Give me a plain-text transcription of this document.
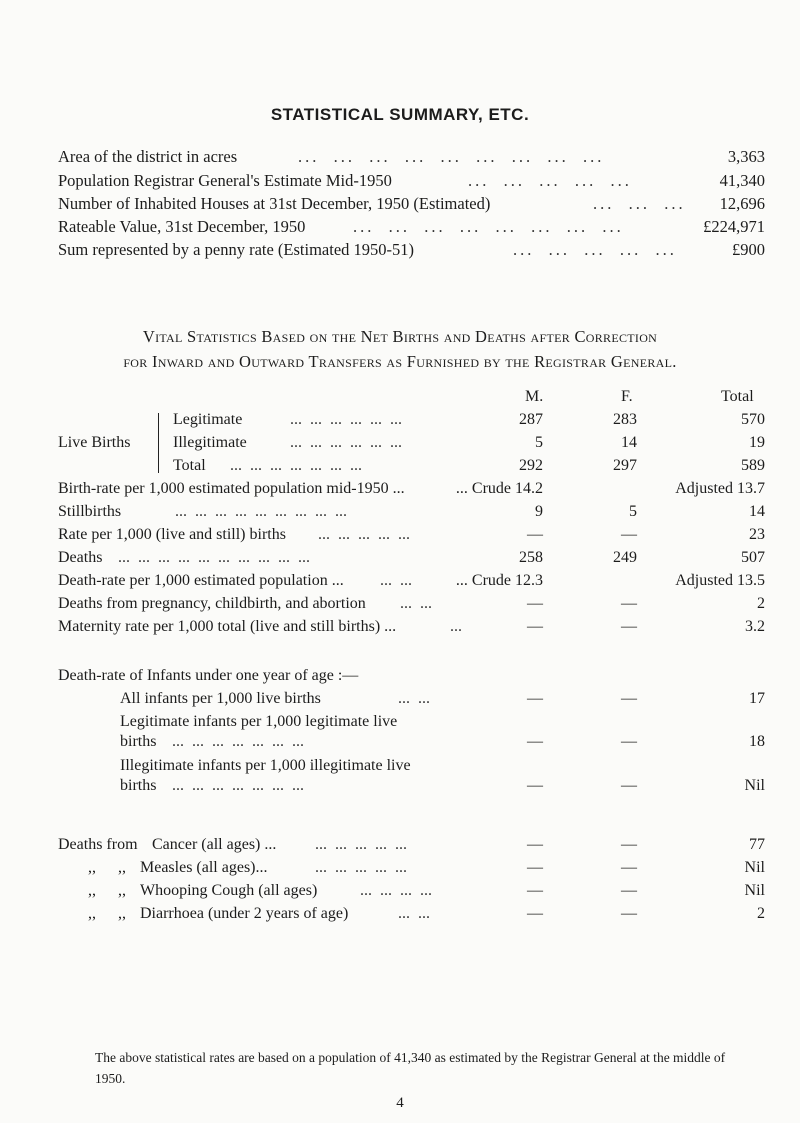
STATISTICAL SUMMARY, ETC.
Area of the district in acres	...  ...  ...  ...  ...  ...  ...  ...  ...	3,363
Population Registrar General's Estimate Mid-1950	...  ...  ...  ...  ...	41,340
Number of Inhabited Houses at 31st December, 1950 (Estimated)	...  ...  ...	12,696
Rateable Value, 31st December, 1950	...  ...  ...  ...  ...  ...  ...  ...	£224,971
Sum represented by a penny rate (Estimated 1950-51)	...  ...  ...  ...  ...	£900
Vital Statistics Based on the Net Births and Deaths after Correction
for Inward and Outward Transfers as Furnished by the Registrar General.
M.	F.	Total
Live Births
Legitimate	...  ...  ...  ...  ...  ...	287	283	570
Illegitimate	...  ...  ...  ...  ...  ...	5	14	19
Total ...  ...  ...  ...  ...  ...  ...	292	297	589
Birth-rate per 1,000 estimated population mid-1950 ...	... Crude 14.2	Adjusted 13.7
Stillbirths	...  ...  ...  ...  ...  ...  ...  ...  ...	9	5	14
Rate per 1,000 (live and still) births ...  ...  ...  ...  ...	—	—	23
Deaths ...  ...  ...  ...  ...  ...  ...  ...  ...  ...	258	249	507
Death-rate per 1,000 estimated population ... ...  ...	... Crude 12.3	Adjusted 13.5
Deaths from pregnancy, childbirth, and abortion ...  ...	—	—	2
Maternity rate per 1,000 total (live and still births) ...	...	—	—	3.2
Death-rate of Infants under one year of age :—
All infants per 1,000 live births	...  ...	—	—	17
Legitimate infants per 1,000 legitimate live
births ...  ...  ...  ...  ...  ...  ...	—	—	18
Illegitimate infants per 1,000 illegitimate live
births ...  ...  ...  ...  ...  ...  ...	—	—	Nil
Deaths from Cancer (all ages) ... ...  ...  ...  ...  ...	—	—	77
,, ,, Measles (all ages)...	...  ...  ...  ...  ...	—	—	Nil
,, ,, Whooping Cough (all ages)	...  ...  ...  ...	—	—	Nil
,, ,, Diarrhoea (under 2 years of age)	...  ...	—	—	2
The above statistical rates are based on a population of 41,340 as estimated by the Registrar General at the middle of 1950.
4
